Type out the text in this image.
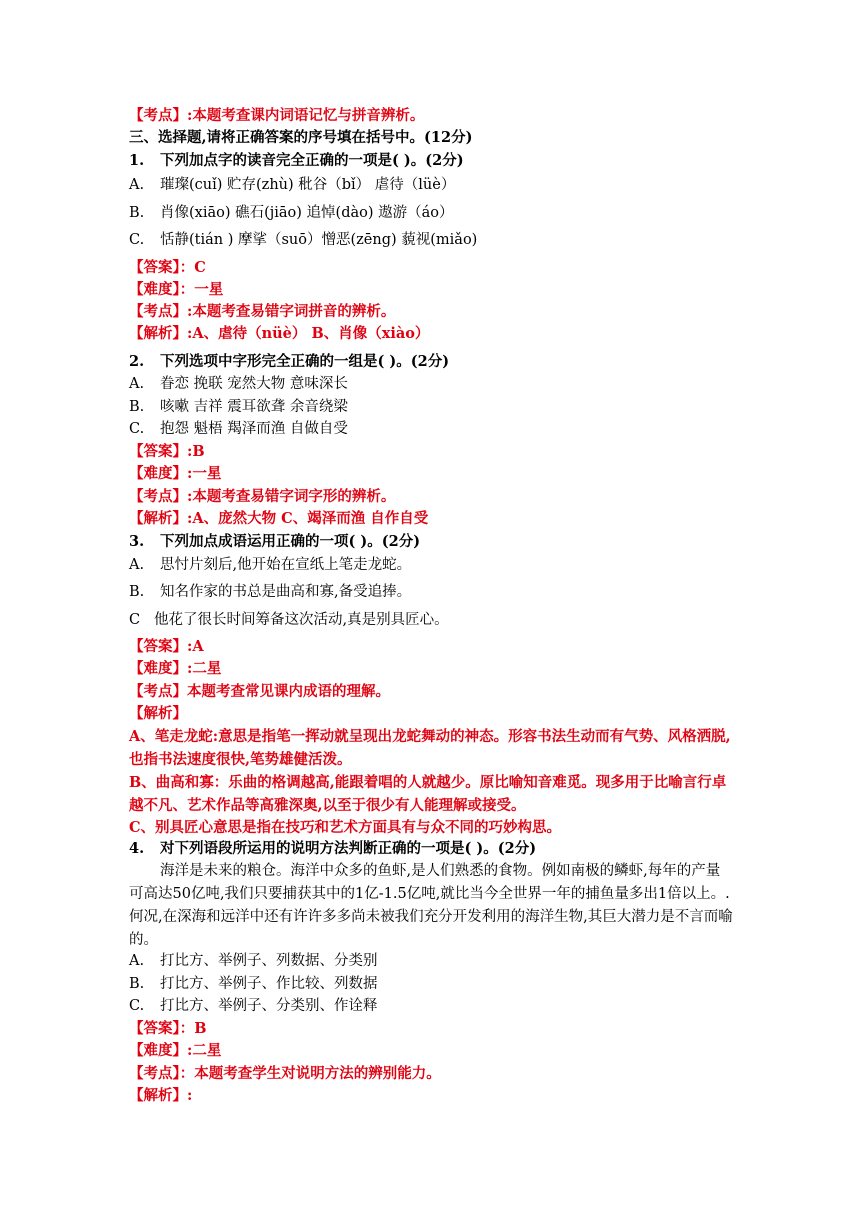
【考点】:本题考查课内词语记忆与拼音辨析。
三、选择题,请将正确答案的序号填在括号中。(12分)
1. 下列加点字的读音完全正确的一项是( )。(2分)
A. 璀璨(cuǐ) 贮存(zhù) 秕谷（bǐ） 虐待（lüè）
B. 肖像(xiāo) 礁石(jiāo) 追悼(dào) 遨游（áo）
C. 恬静(tián ) 摩挲（suō）憎恶(zēng) 藐视(miǎo)
【答案】：C
【难度】：一星
【考点】:本题考查易错字词拼音的辨析。
【解析】:A、虐待（nüè） B、肖像（xiào）
2. 下列选项中字形完全正确的一组是( )。(2分)
A. 眷恋 挽联 宠然大物 意味深长
B. 咳嗽 吉祥 震耳欲聋 余音绕梁
C. 抱怨 魁梧 羯泽而渔 自做自受
【答案】:B
【难度】:一星
【考点】:本题考查易错字词字形的辨析。
【解析】:A、庞然大物 C、竭泽而渔 自作自受
3. 下列加点成语运用正确的一项( )。(2分)
A. 思忖片刻后,他开始在宣纸上笔走龙蛇。
B. 知名作家的书总是曲高和寡,备受追捧。
C 他花了很长时间筹备这次活动,真是别具匠心。
【答案】:A
【难度】:二星
【考点】本题考查常见课内成语的理解。
【解析】
A、笔走龙蛇:意思是指笔一挥动就呈现出龙蛇舞动的神态。形容书法生动而有气势、风格洒脱,也指书法速度很快,笔势雄健活泼。
B、曲高和寡：乐曲的格调越高,能跟着唱的人就越少。原比喻知音难觅。现多用于比喻言行卓越不凡、艺术作品等高雅深奥,以至于很少有人能理解或接受。
C、别具匠心意思是指在技巧和艺术方面具有与众不同的巧妙构思。
4. 对下列语段所运用的说明方法判断正确的一项是( )。(2分)
海洋是未来的粮仓。海洋中众多的鱼虾,是人们熟悉的食物。例如南极的鳞虾,每年的产量可高达50亿吨,我们只要捕获其中的1亿-1.5亿吨,就比当今全世界一年的捕鱼量多出1倍以上。.何况,在深海和远洋中还有许许多多尚未被我们充分开发利用的海洋生物,其巨大潜力是不言而喻的。
A. 打比方、举例子、列数据、分类别
B. 打比方、举例子、作比较、列数据
C. 打比方、举例子、分类别、作诠释
【答案】：B
【难度】:二星
【考点】：本题考查学生对说明方法的辨别能力。
【解析】:
